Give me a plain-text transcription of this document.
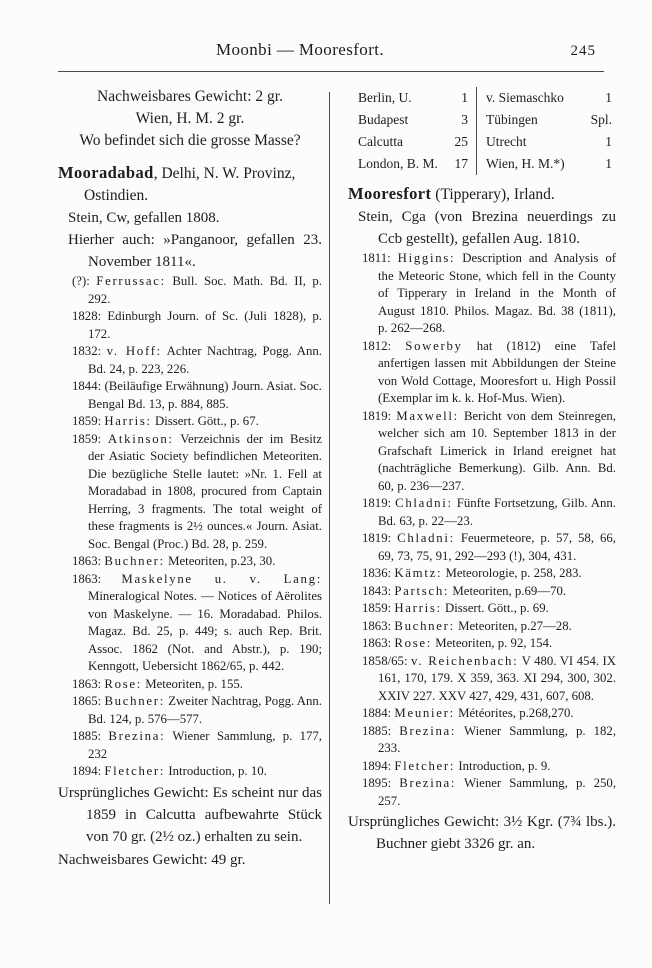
Moonbi — Mooresfort.	245

Nachweisbares Gewicht: 2 gr.

Wien, H. M. 2 gr.

Wo befindet sich die grosse Masse?

Mooradabad, Delhi, N. W. Provinz, Ostindien.

Stein, Cw, gefallen 1808.

Hierher auch: »Panganoor, gefallen 23. November 1811«.

(?): Ferrussac: Bull. Soc. Math. Bd. II, p. 292.

1828: Edinburgh Journ. of Sc. (Juli 1828), p. 172.

1832: v. Hoff: Achter Nachtrag, Pogg. Ann. Bd. 24, p. 223, 226.

1844: (Beiläufige Erwähnung) Journ. Asiat. Soc. Bengal Bd. 13, p. 884, 885.

1859: Harris: Dissert. Gött., p. 67.

1859: Atkinson: Verzeichnis der im Besitz der Asiatic Society befindlichen Meteoriten. Die bezügliche Stelle lautet: »Nr. 1. Fell at Moradabad in 1808, procured from Captain Herring, 3 fragments. The total weight of these fragments is 2½ ounces.« Journ. Asiat. Soc. Bengal (Proc.) Bd. 28, p. 259.

1863: Buchner: Meteoriten, p.23, 30.

1863: Maskelyne u. v. Lang: Mineralogical Notes. — Notices of Aërolites von Maskelyne. — 16. Moradabad. Philos. Magaz. Bd. 25, p. 449; s. auch Rep. Brit. Assoc. 1862 (Not. and Abstr.), p. 190; Kenngott, Uebersicht 1862/65, p. 442.

1863: Rose: Meteoriten, p. 155.

1865: Buchner: Zweiter Nachtrag, Pogg. Ann. Bd. 124, p. 576—577.

1885: Brezina: Wiener Sammlung, p. 177, 232

1894: Fletcher: Introduction, p. 10.

Ursprüngliches Gewicht: Es scheint nur das 1859 in Calcutta aufbewahrte Stück von 70 gr. (2½ oz.) erhalten zu sein.

Nachweisbares Gewicht: 49 gr.

Berlin, U.	1	v. Siemaschko	1
Budapest	3	Tübingen	Spl.
Calcutta	25	Utrecht	1
London, B. M.	17	Wien, H. M.*)	1

Mooresfort (Tipperary), Irland.

Stein, Cga (von Brezina neuerdings zu Ccb gestellt), gefallen Aug. 1810.

1811: Higgins: Description and Analysis of the Meteoric Stone, which fell in the County of Tipperary in Ireland in the Month of August 1810. Philos. Magaz. Bd. 38 (1811), p. 262—268.

1812: Sowerby hat (1812) eine Tafel anfertigen lassen mit Abbildungen der Steine von Wold Cottage, Mooresfort u. High Possil (Exemplar im k. k. Hof-Mus. Wien).

1819: Maxwell: Bericht von dem Steinregen, welcher sich am 10. September 1813 in der Grafschaft Limerick in Irland ereignet hat (nachträgliche Bemerkung). Gilb. Ann. Bd. 60, p. 236—237.

1819: Chladni: Fünfte Fortsetzung, Gilb. Ann. Bd. 63, p. 22—23.

1819: Chladni: Feuermeteore, p. 57, 58, 66, 69, 73, 75, 91, 292—293 (!), 304, 431.

1836: Kämtz: Meteorologie, p. 258, 283.

1843: Partsch: Meteoriten, p.69—70.

1859: Harris: Dissert. Gött., p. 69.

1863: Buchner: Meteoriten, p.27—28.

1863: Rose: Meteoriten, p. 92, 154.

1858/65: v. Reichenbach: V 480. VI 454. IX 161, 170, 179. X 359, 363. XI 294, 300, 302. XXIV 227. XXV 427, 429, 431, 607, 608.

1884: Meunier: Météorites, p.268,270.

1885: Brezina: Wiener Sammlung, p. 182, 233.

1894: Fletcher: Introduction, p. 9.

1895: Brezina: Wiener Sammlung, p. 250, 257.

Ursprüngliches Gewicht: 3½ Kgr. (7¾ lbs.). Buchner giebt 3326 gr. an.
